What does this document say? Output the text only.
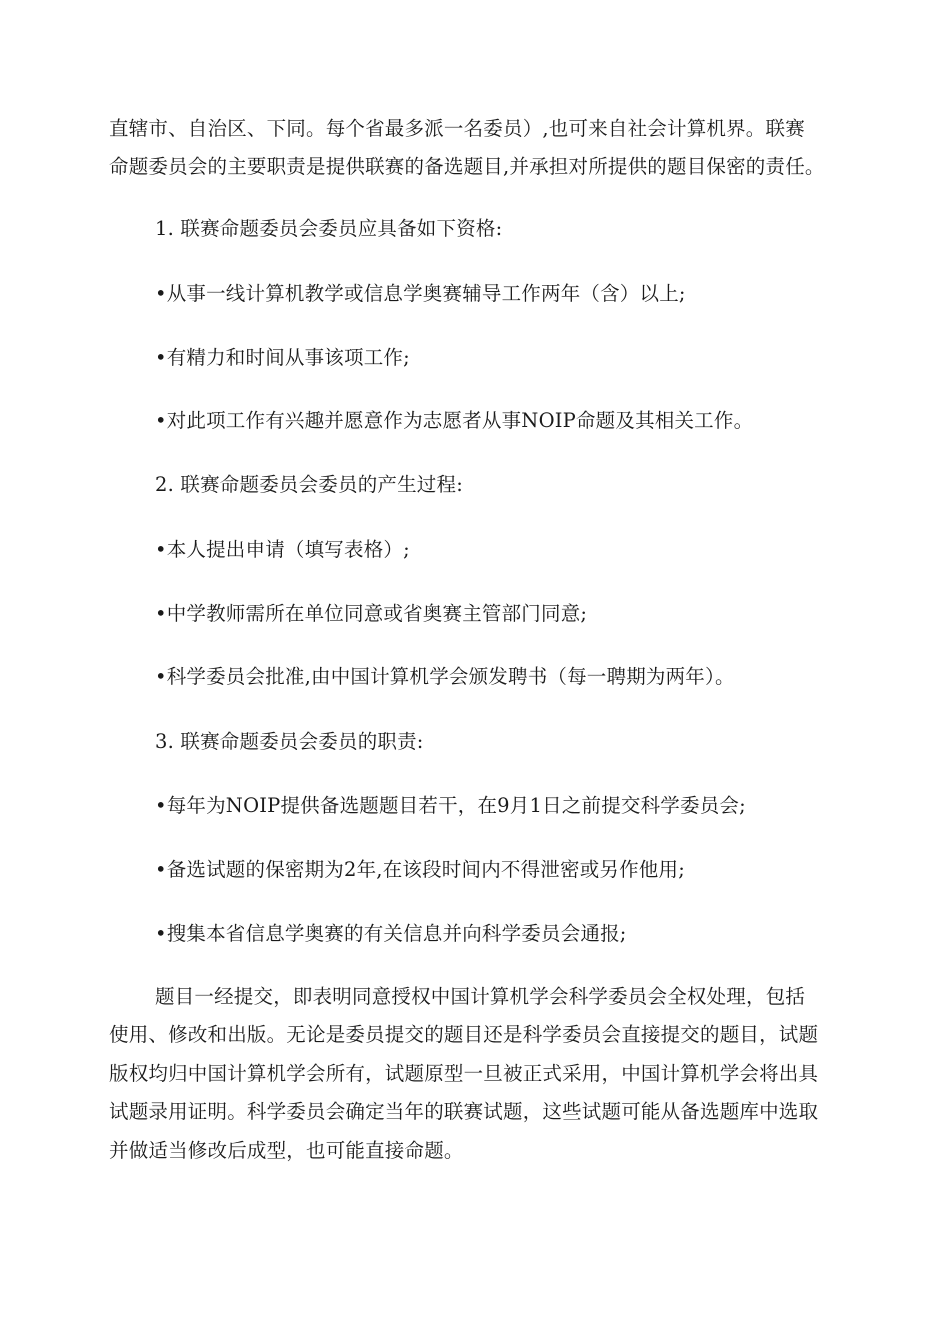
直辖市、自治区、下同。每个省最多派一名委员）,也可来自社会计算机界。联赛
命题委员会的主要职责是提供联赛的备选题目,并承担对所提供的题目保密的责任。
1. 联赛命题委员会委员应具备如下资格:
•从事一线计算机教学或信息学奥赛辅导工作两年（含）以上;
•有精力和时间从事该项工作;
•对此项工作有兴趣并愿意作为志愿者从事NOIP命题及其相关工作。
2. 联赛命题委员会委员的产生过程:
•本人提出申请（填写表格）;
•中学教师需所在单位同意或省奥赛主管部门同意;
•科学委员会批准,由中国计算机学会颁发聘书（每一聘期为两年）。
3. 联赛命题委员会委员的职责:
•每年为NOIP提供备选题题目若干，在9月1日之前提交科学委员会;
•备选试题的保密期为2年,在该段时间内不得泄密或另作他用;
•搜集本省信息学奥赛的有关信息并向科学委员会通报;
题目一经提交，即表明同意授权中国计算机学会科学委员会全权处理，包括
使用、修改和出版。无论是委员提交的题目还是科学委员会直接提交的题目，试题
版权均归中国计算机学会所有，试题原型一旦被正式采用，中国计算机学会将出具
试题录用证明。科学委员会确定当年的联赛试题，这些试题可能从备选题库中选取
并做适当修改后成型，也可能直接命题。
